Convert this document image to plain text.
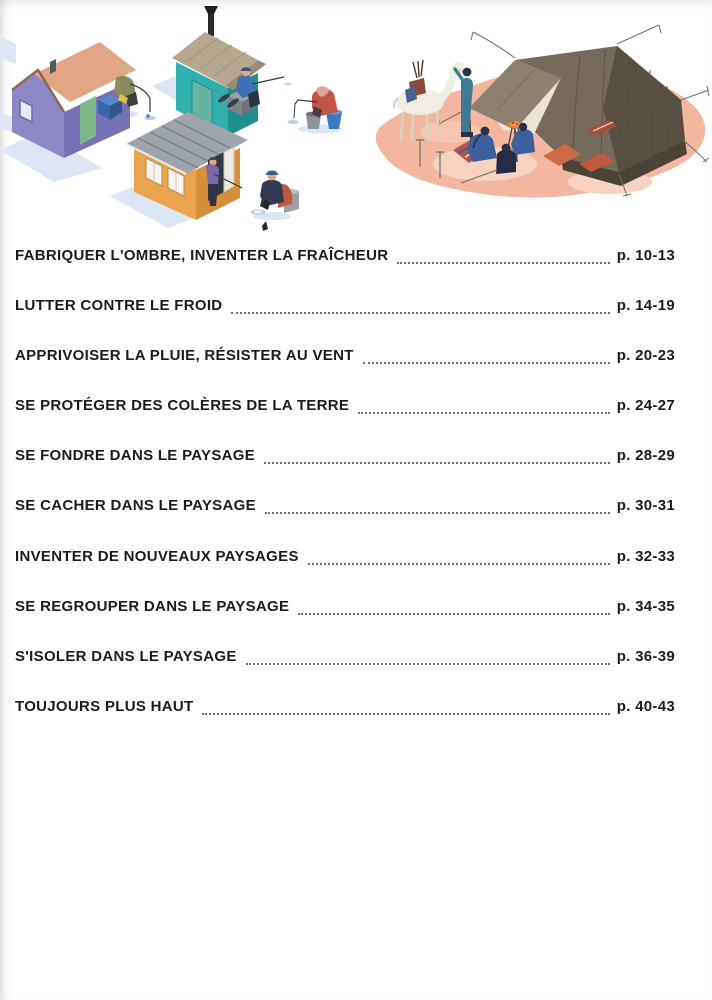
FABRIQUER L'OMBRE, INVENTER LA FRAÎCHEUR	p. 10-13
LUTTER CONTRE LE FROID	p. 14-19
APPRIVOISER LA PLUIE, RÉSISTER AU VENT	p. 20-23
SE PROTÉGER DES COLÈRES DE LA TERRE	p. 24-27
SE FONDRE DANS LE PAYSAGE	p. 28-29
SE CACHER DANS LE PAYSAGE	p. 30-31
INVENTER DE NOUVEAUX PAYSAGES	p. 32-33
SE REGROUPER DANS LE PAYSAGE	p. 34-35
S'ISOLER DANS LE PAYSAGE	p. 36-39
TOUJOURS PLUS HAUT	p. 40-43
